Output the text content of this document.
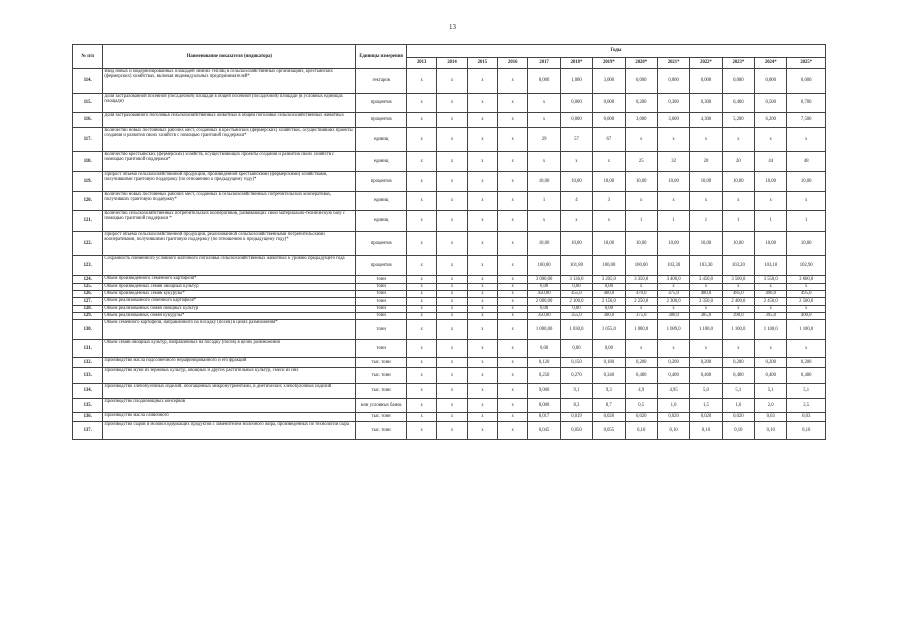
13
№ п/п	Наименование показателя (индикатора)	Единицы измерения	Годы												
			2013	2014	2015	2016	2017	2018*	2019*	2020*	2021*	2022*	2023*	2024*	2025*
114.	Ввод новых и модернизированных площадей зимних теплиц в сельскохозяйственных организациях, крестьянских (фермерских) хозяйствах, включая индивидуальных предпринимателей*	гектаров	х	х	х	х	0,000	1,000	3,000	0,000	0,000	0,000	0,000	0,000	0,000
115.	Доля застрахованной посевной (посадочной) площади в общей посевной (посадочной) площади (в условных единицах площади)	процентов	х	х	х	х	х	0,000	0,000	0,200	0,300	0,300	0,400	0,500	0,700
116.	Доля застрахованного поголовья сельскохозяйственных животных в общем поголовье сельскохозяйственных животных	процентов	х	х	х	х	х	0,000	0,000	3,000	3,600	4,300	5,200	6,200	7,500
117.	Количество новых постоянных рабочих мест, созданных в крестьянских (фермерских) хозяйствах, осуществивших проекты создания и развития своих хозяйств с помощью грантовой поддержки*	единиц	х	х	х	х	29	57	67	х	х	х	х	х	х
118.	Количество крестьянских (фермерских) хозяйств, осуществляющих проекты создания и развития своих хозяйств с помощью грантовой поддержки*	единиц	х	х	х	х	х	х	х	25	32	20	20	44	48
119.	Прирост объема сельскохозяйственной продукции, произведенной крестьянскими (фермерскими) хозяйствами, получившими грантовую поддержку (по отношению к предыдущему году)*	процентов	х	х	х	х	10,00	10,00	10,00	10,00	10,00	10,00	10,00	10,00	10,00
120.	Количество новых постоянных рабочих мест, созданных в сельскохозяйственных потребительских кооперативах, получивших грантовую поддержку*	единиц	х	х	х	х	1	4	3	х	х	х	х	х	х
121.	Количество сельскохозяйственных потребительских кооперативов, развивающих свою материально-техническую базу с помощью грантовой поддержки *	единиц	х	х	х	х	х	х	х	1	1	1	1	1	1
122.	Прирост объема сельскохозяйственной продукции, реализованной сельскохозяйственными потребительскими кооперативами, получившими грантовую поддержку (по отношению к предыдущему году)*	процентов	х	х	х	х	10,00	10,00	10,00	10,00	10,00	10,00	10,00	10,00	10,00
123.	Сохранность племенного условного маточного поголовья сельскохозяйственных животных к уровню предыдущего года	процентов	х	х	х	х	100,00	101,80	100,00	100,00	103,30	103,30	103,20	103,10	102,90
124.	Объем произведенного семенного картофеля*	тонн	х	х	х	х	3 000,00	3 136,0	3 205,0	3 350,0	3 400,0	3 450,0	3 500,0	3 550,0	3 600,0
125.	Объем произведенных семян овощных культур	тонн	х	х	х	х	0,00	0,00	0,00	х	х	х	х	х	х
126.	Объем произведенных семян кукурузы*	тонн	х	х	х	х	450,00	455,0	460,0	470,0	475,0	480,0	485,0	490,0	495,0
127.	Объем реализованного семенного картофеля*	тонн	х	х	х	х	2 000,00	2 100,0	2 150,0	2 250,0	2 300,0	2 350,0	2 400,0	2 450,0	2 500,0
128.	Объем реализованных семян овощных культур	тонн	х	х	х	х	0,00	0,00	0,00	х	х	х	х	х	х
129.	Объем реализованных семян кукурузы*	тонн	х	х	х	х	350,00	355,0	360,0	375,0	380,0	385,0	390,0	395,0	400,0
130.	Объем семенного картофеля, направленного на посадку (посев) в целях размножения*	тонн	х	х	х	х	1 000,00	1 030,0	1 055,0	1 080,0	1 089,0	1 100,0	1 100,0	1 100,0	1 100,0
131.	Объем семян овощных культур, направленных на посадку (посев) в целях размножения	тонн	х	х	х	х	0,00	0,00	0,00	х	х	х	х	х	х
132.	Производство масла подсолнечного нерафинированного и его фракций	тыс. тонн	х	х	х	х	0,120	0,150	0,180	0,200	0,200	0,200	0,200	0,200	0,200
133.	Производство муки из зерновых культур, овощных и других растительных культур, смеси из них	тыс. тонн	х	х	х	х	0,250	0,270	0,340	0,400	0,400	0,400	0,400	0,400	0,400
134.	Производство хлебобулочных изделий, обогащенных микронутриентами, и диетических хлебобулочных изделий	тыс. тонн	х	х	х	х	9,000	9,1	9,3	4,9	4,95	5,0	5,1	5,1	5,1
135.	Производство плодоовощных консервов	млн условных банок	х	х	х	х	8,000	8,3	8,7	0,5	1,0	1,5	1,6	2,0	2,5
136.	Производство масла сливочного	тыс. тонн	х	х	х	х	0,017	0,019	0,020	0,020	0,020	0,020	0,020	0,03	0,03
137.	Производство сыров и молокосодержащих продуктов с заменителем молочного жира, произведенных по технологии сыра	тыс. тонн	х	х	х	х	0,045	0,050	0,055	0,10	0,10	0,10	0,10	0,10	0,10
